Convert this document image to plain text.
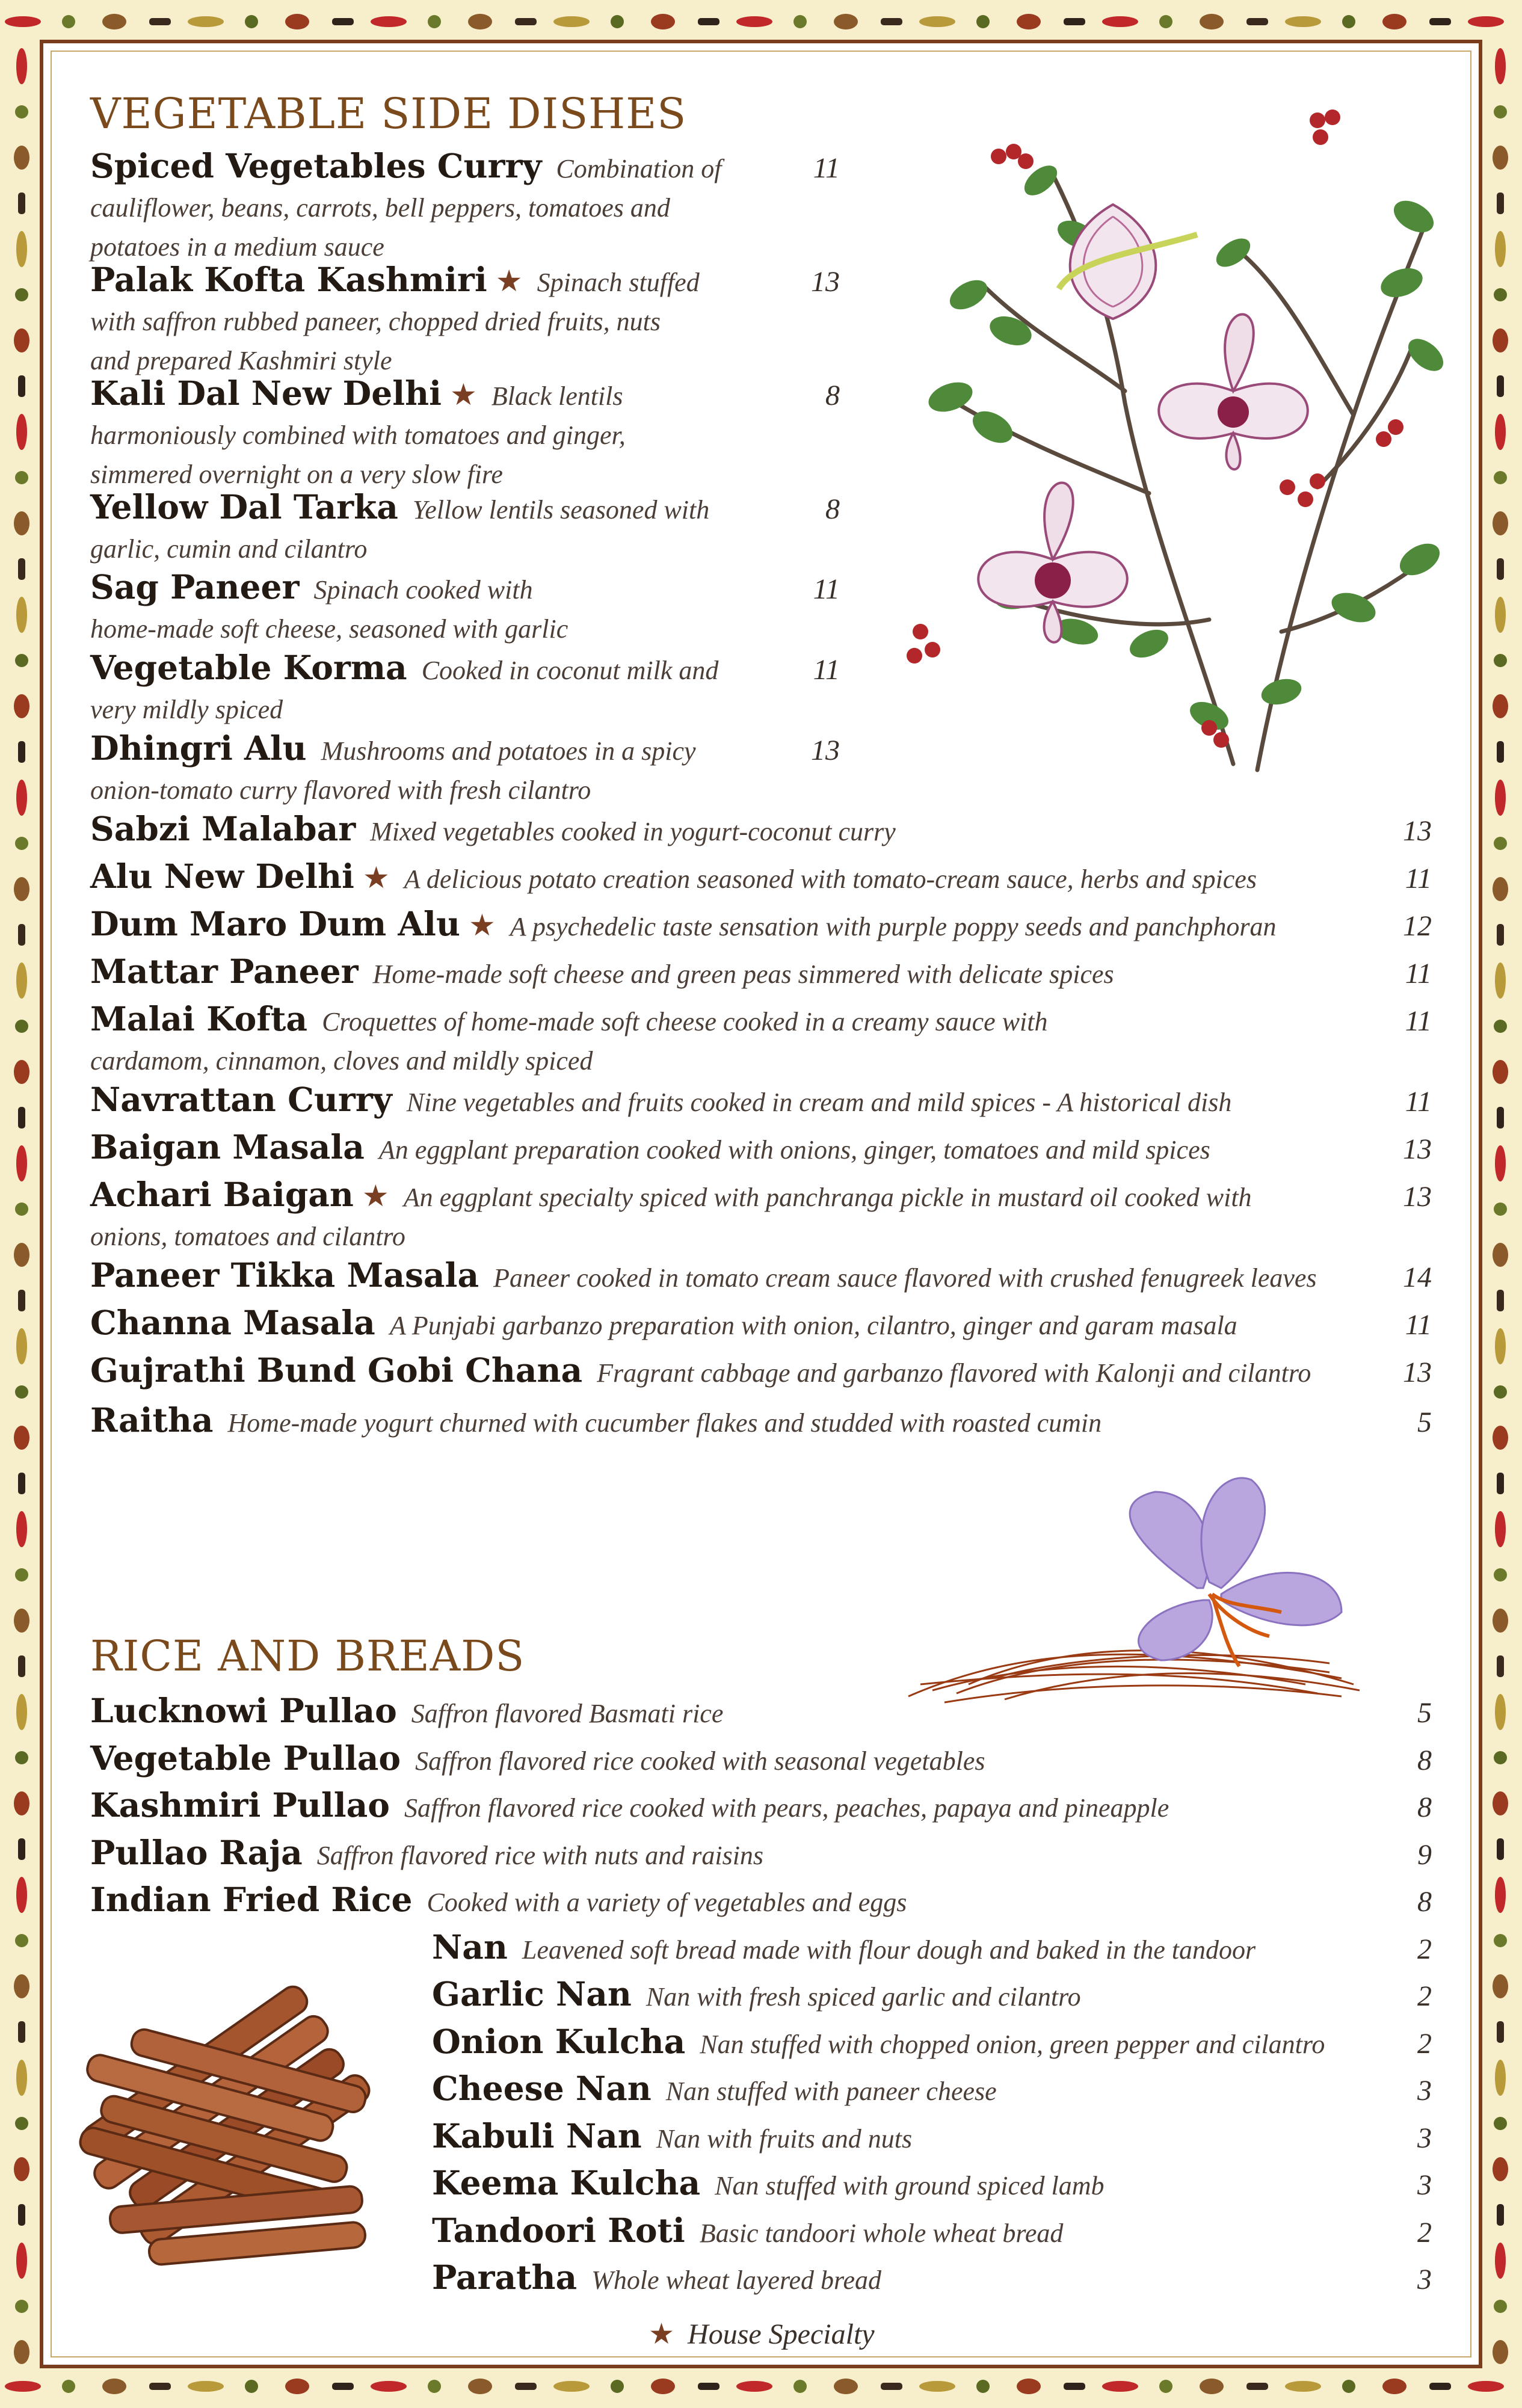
VEGETABLE SIDE DISHES
Spiced Vegetables Curry Combination of
cauliflower, beans, carrots, bell peppers, tomatoes and
potatoes in a medium sauce
11
Palak Kofta Kashmiri ★ Spinach stuffed
with saffron rubbed paneer, chopped dried fruits, nuts
and prepared Kashmiri style
13
Kali Dal New Delhi ★ Black lentils
harmoniously combined with tomatoes and ginger,
simmered overnight on a very slow fire
8
Yellow Dal Tarka Yellow lentils seasoned with
garlic, cumin and cilantro
8
Sag Paneer Spinach cooked with
home-made soft cheese, seasoned with garlic
11
Vegetable Korma Cooked in coconut milk and
very mildly spiced
11
Dhingri Alu Mushrooms and potatoes in a spicy
onion-tomato curry flavored with fresh cilantro
13
Sabzi Malabar Mixed vegetables cooked in yogurt-coconut curry	13
Alu New Delhi ★ A delicious potato creation seasoned with tomato-cream sauce, herbs and spices	11
Dum Maro Dum Alu ★ A psychedelic taste sensation with purple poppy seeds and panchphoran	12
Mattar Paneer Home-made soft cheese and green peas simmered with delicate spices	11
Malai Kofta Croquettes of home-made soft cheese cooked in a creamy sauce with
cardamom, cinnamon, cloves and mildly spiced
11
Navrattan Curry Nine vegetables and fruits cooked in cream and mild spices - A historical dish	11
Baigan Masala An eggplant preparation cooked with onions, ginger, tomatoes and mild spices	13
Achari Baigan ★ An eggplant specialty spiced with panchranga pickle in mustard oil cooked with
onions, tomatoes and cilantro
13
Paneer Tikka Masala Paneer cooked in tomato cream sauce flavored with crushed fenugreek leaves	14
Channa Masala A Punjabi garbanzo preparation with onion, cilantro, ginger and garam masala	11
Gujrathi Bund Gobi Chana Fragrant cabbage and garbanzo flavored with Kalonji and cilantro	13
Raitha Home-made yogurt churned with cucumber flakes and studded with roasted cumin	5
RICE AND BREADS
Lucknowi Pullao Saffron flavored Basmati rice	5
Vegetable Pullao Saffron flavored rice cooked with seasonal vegetables	8
Kashmiri Pullao Saffron flavored rice cooked with pears, peaches, papaya and pineapple	8
Pullao Raja Saffron flavored rice with nuts and raisins	9
Indian Fried Rice Cooked with a variety of vegetables and eggs	8
Nan Leavened soft bread made with flour dough and baked in the tandoor	2
Garlic Nan Nan with fresh spiced garlic and cilantro	2
Onion Kulcha Nan stuffed with chopped onion, green pepper and cilantro	2
Cheese Nan Nan stuffed with paneer cheese	3
Kabuli Nan Nan with fruits and nuts	3
Keema Kulcha Nan stuffed with ground spiced lamb	3
Tandoori Roti Basic tandoori whole wheat bread	2
Paratha Whole wheat layered bread	3
★ House Specialty
